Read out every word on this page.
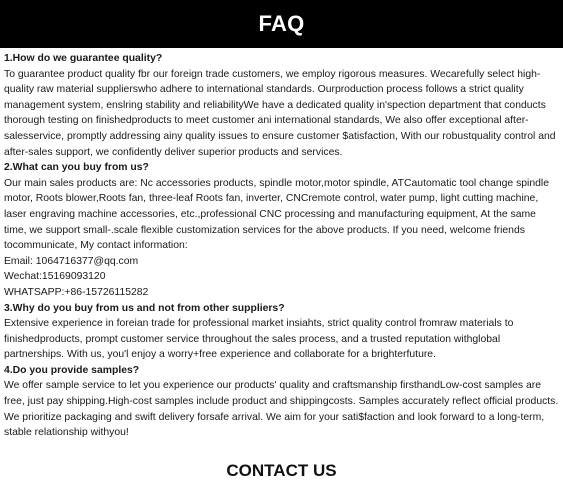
FAQ

1.How do we guarantee quality?

To guarantee product quality fbr our foreign trade customers, we employ rigorous measures. Wecarefully select high-quality raw material supplierswho adhere to international standards. Ourproduction process follows a strict quality management system, enslring stability and reliabilityWe have a dedicated quality in'spection department that conducts thorough testing on finishedproducts to meet customer ani international standards, We also offer exceptional after-salesservice, promptly addressing ainy quality issues to ensure customer $atisfaction, With our robustquality control and after-sales support, we confidently deliver superior products and services.

2.What can you buy from us?

Our main sales products are: Nc accessories products, spindle motor,motor spindle, ATCautomatic tool change spindle motor, Roots blower,Roots fan, three-leaf Roots fan, inverter, CNCremote control, water pump, light cutting machine, laser engraving machine accessories, etc.,professional CNC processing and manufacturing equipment, At the same time, we support small-.scale flexible customization services for the above products. If you need, welcome friends tocommunicate, My contact information:

Email: 1064716377@qq.com

Wechat:15169093120

WHATSAPP:+86-15726115282

3.Why do you buy from us and not from other suppliers?

Extensive experience in foreian trade for professional market insiahts, strict quality control fromraw materials to finishedproducts, prompt customer service throughout the sales process, and a trusted reputation withglobal partnerships. With us, you'l enjoy a worry+free experience and collaborate for a brighterfuture.

4.Do you provide samples?

We offer sample service to let you experience our products' quality and craftsmanship firsthandLow-cost samples are free, just pay shipping.High-cost samples include product and shippingcosts. Samples accurately reflect official products. We prioritize packaging and swift delivery forsafe arrival. We aim for your sati$faction and look forward to a long-term, stable relationship withyou!

CONTACT US
